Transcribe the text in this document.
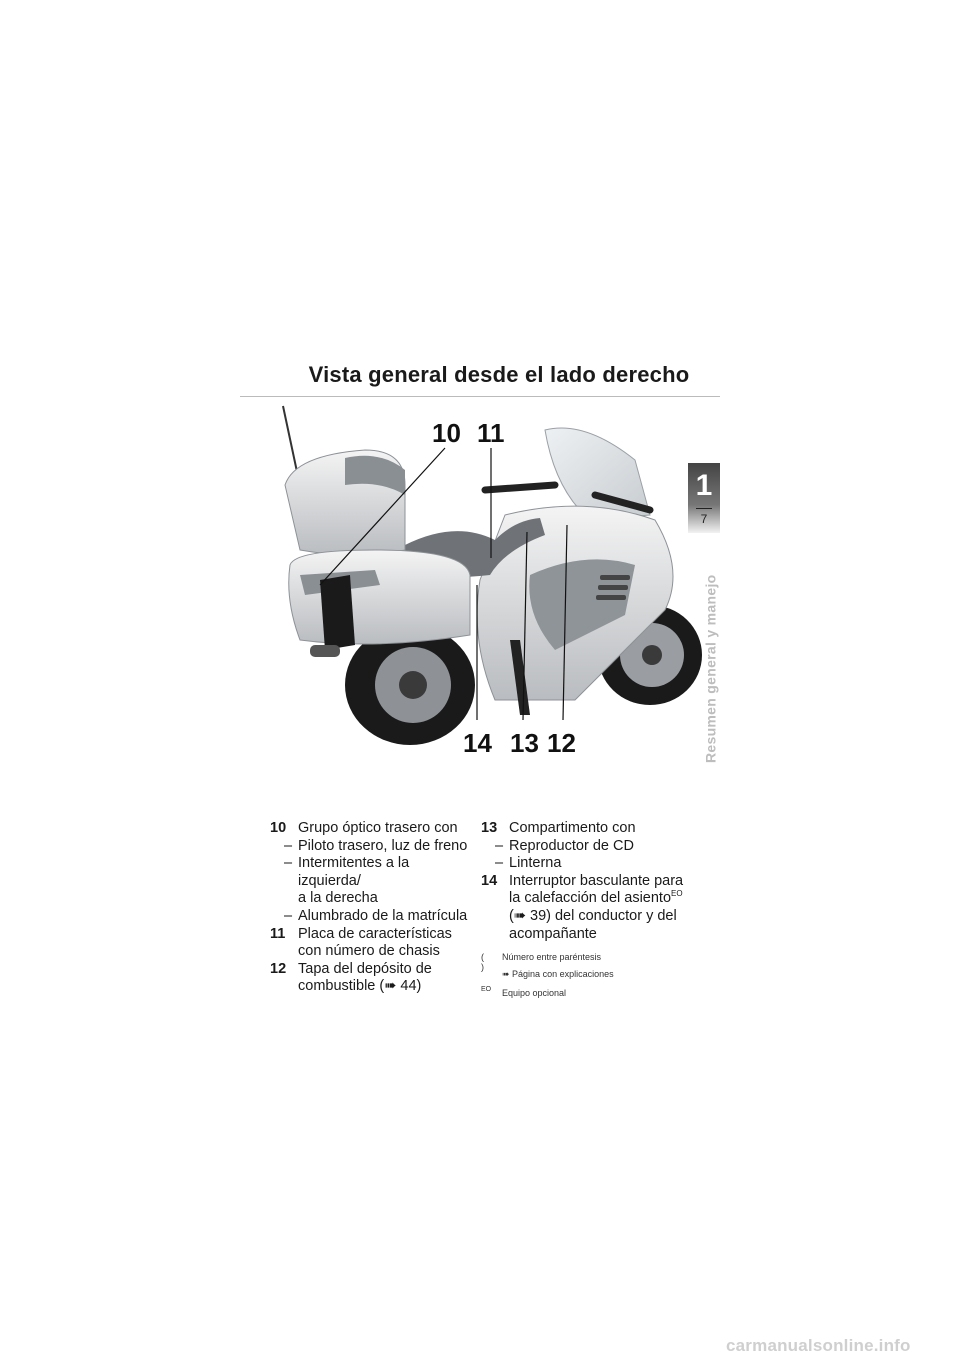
Vista general desde el lado derecho
10 11
12
13
14
1
7
Resumen general y manejo
10 Grupo óptico trasero con
– Piloto trasero, luz de freno
– Intermitentes a la izquierda/
a la derecha
– Alumbrado de la matrícula
11 Placa de características
con número de chasis
12 Tapa del depósito de
combustible (➠ 44)
13 Compartimento con
– Reproductor de CD
– Linterna
14 Interruptor basculante para
la calefacción del asiento$^{EO}$
(➠ 39) del conductor y del
acompañante
( )
Número entre paréntesis
➠ Página con explicaciones
EO Equipo opcional
carmanualsonline.info
